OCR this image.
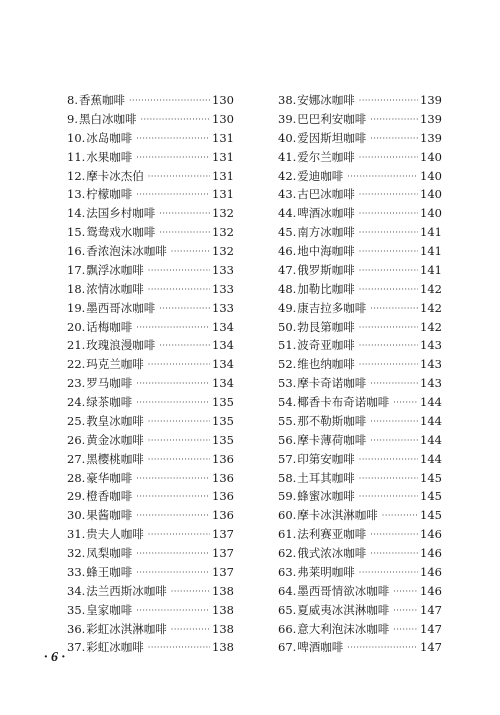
8. 香蕉咖啡 ·····	130
9. 黑白冰咖啡 ·····	130
10. 冰岛咖啡 ·····	131
11. 水果咖啡 ·····	131
12. 摩卡冰杰伯 ·····	131
13. 柠檬咖啡 ·····	131
14. 法国乡村咖啡 ·····	132
15. 鸳鸯戏水咖啡 ·····	132
16. 香浓泡沫冰咖啡 ·····	132
17. 飘浮冰咖啡 ·····	133
18. 浓情冰咖啡 ·····	133
19. 墨西哥冰咖啡 ·····	133
20. 话梅咖啡 ·····	134
21. 玫瑰浪漫咖啡 ·····	134
22. 玛克兰咖啡 ·····	134
23. 罗马咖啡 ·····	134
24. 绿茶咖啡 ·····	135
25. 教皇冰咖啡 ·····	135
26. 黄金冰咖啡 ·····	135
27. 黑樱桃咖啡 ·····	136
28. 豪华咖啡 ·····	136
29. 橙香咖啡 ·····	136
30. 果酱咖啡 ·····	136
31. 贵夫人咖啡 ·····	137
32. 凤梨咖啡 ·····	137
33. 蜂王咖啡 ·····	137
34. 法兰西斯冰咖啡 ·····	138
35. 皇家咖啡 ·····	138
36. 彩虹冰淇淋咖啡 ·····	138
37. 彩虹冰咖啡 ·····	138
38. 安娜冰咖啡 ·····	139
39. 巴巴利安咖啡 ·····	139
40. 爱因斯坦咖啡 ·····	139
41. 爱尔兰咖啡 ·····	140
42. 爱迪咖啡 ·····	140
43. 古巴冰咖啡 ·····	140
44. 啤酒冰咖啡 ·····	140
45. 南方冰咖啡 ·····	141
46. 地中海咖啡 ·····	141
47. 俄罗斯咖啡 ·····	141
48. 加勒比咖啡 ·····	142
49. 康吉拉多咖啡 ·····	142
50. 勃艮第咖啡 ·····	142
51. 波奇亚咖啡 ·····	143
52. 维也纳咖啡 ·····	143
53. 摩卡奇诺咖啡 ·····	143
54. 椰香卡布奇诺咖啡 ·····	144
55. 那不勒斯咖啡 ·····	144
56. 摩卡薄荷咖啡 ·····	144
57. 印第安咖啡 ·····	144
58. 土耳其咖啡 ·····	145
59. 蜂蜜冰咖啡 ·····	145
60. 摩卡冰淇淋咖啡 ·····	145
61. 法利赛亚咖啡 ·····	146
62. 俄式浓冰咖啡 ·····	146
63. 弗莱明咖啡 ·····	146
64. 墨西哥情欲冰咖啡 ·····	146
65. 夏威夷冰淇淋咖啡 ·····	147
66. 意大利泡沫冰咖啡 ·····	147
67. 啤酒咖啡 ·····	147
· 6 ·
